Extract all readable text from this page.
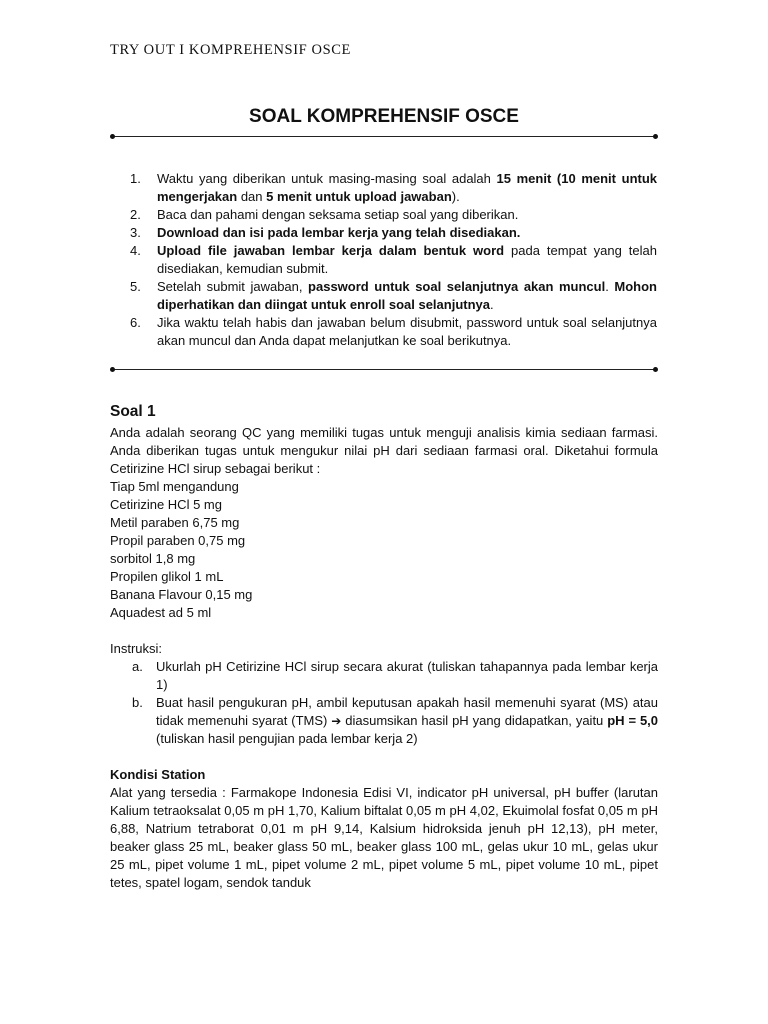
TRY OUT I KOMPREHENSIF OSCE
SOAL KOMPREHENSIF OSCE
1. Waktu yang diberikan untuk masing-masing soal adalah 15 menit (10 menit untuk mengerjakan dan 5 menit untuk upload jawaban).
2. Baca dan pahami dengan seksama setiap soal yang diberikan.
3. Download dan isi pada lembar kerja yang telah disediakan.
4. Upload file jawaban lembar kerja dalam bentuk word pada tempat yang telah disediakan, kemudian submit.
5. Setelah submit jawaban, password untuk soal selanjutnya akan muncul. Mohon diperhatikan dan diingat untuk enroll soal selanjutnya.
6. Jika waktu telah habis dan jawaban belum disubmit, password untuk soal selanjutnya akan muncul dan Anda dapat melanjutkan ke soal berikutnya.
Soal 1

Anda adalah seorang QC yang memiliki tugas untuk menguji analisis kimia sediaan farmasi. Anda diberikan tugas untuk mengukur nilai pH dari sediaan farmasi oral. Diketahui formula Cetirizine HCl sirup sebagai berikut :

Tiap 5ml mengandung
Cetirizine HCl 5 mg
Metil paraben 6,75 mg
Propil paraben 0,75 mg
sorbitol 1,8 mg
Propilen glikol 1 mL
Banana Flavour 0,15 mg
Aquadest ad 5 ml

Instruksi:

a. Ukurlah pH Cetirizine HCl sirup secara akurat (tuliskan tahapannya pada lembar kerja 1)
b. Buat hasil pengukuran pH, ambil keputusan apakah hasil memenuhi syarat (MS) atau tidak memenuhi syarat (TMS) ➔ diasumsikan hasil pH yang didapatkan, yaitu pH = 5,0 (tuliskan hasil pengujian pada lembar kerja 2)

Kondisi Station

Alat yang tersedia : Farmakope Indonesia Edisi VI, indicator pH universal, pH buffer (larutan Kalium tetraoksalat 0,05 m pH 1,70, Kalium biftalat 0,05 m pH 4,02, Ekuimolal fosfat 0,05 m pH 6,88, Natrium tetraborat 0,01 m pH 9,14, Kalsium hidroksida jenuh pH 12,13), pH meter, beaker glass 25 mL, beaker glass 50 mL, beaker glass 100 mL, gelas ukur 10 mL, gelas ukur 25 mL, pipet volume 1 mL, pipet volume 2 mL, pipet volume 5 mL, pipet volume 10 mL, pipet tetes, spatel logam, sendok tanduk
